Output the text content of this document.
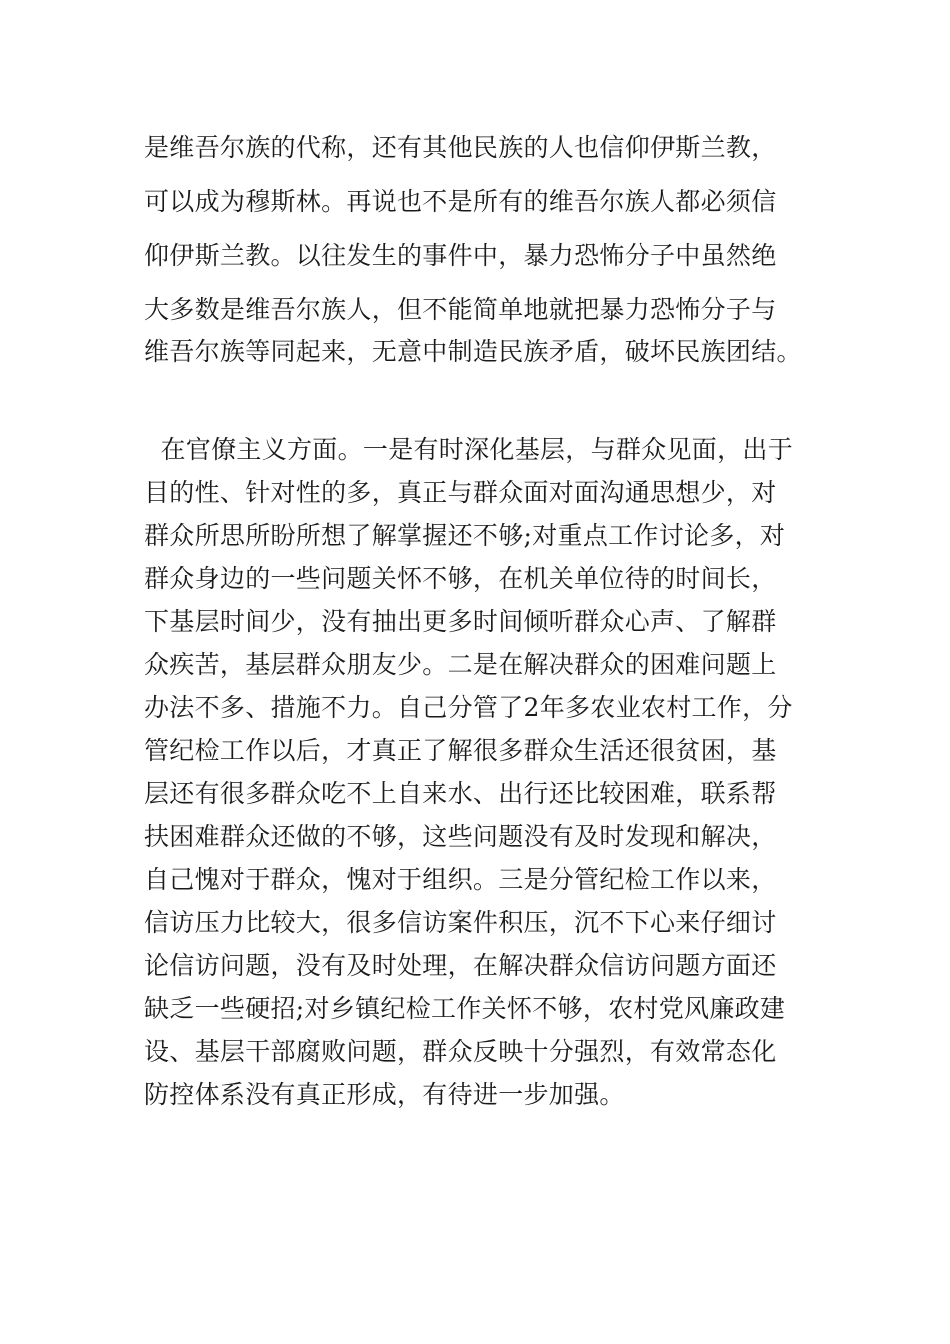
是维吾尔族的代称，还有其他民族的人也信仰伊斯兰教，
可以成为穆斯林。再说也不是所有的维吾尔族人都必须信
仰伊斯兰教。以往发生的事件中，暴力恐怖分子中虽然绝
大多数是维吾尔族人，但不能简单地就把暴力恐怖分子与
维吾尔族等同起来，无意中制造民族矛盾，破坏民族团结。
在官僚主义方面。一是有时深化基层，与群众见面，出于
目的性、针对性的多，真正与群众面对面沟通思想少，对
群众所思所盼所想了解掌握还不够;对重点工作讨论多，对
群众身边的一些问题关怀不够，在机关单位待的时间长，
下基层时间少，没有抽出更多时间倾听群众心声、了解群
众疾苦，基层群众朋友少。二是在解决群众的困难问题上
办法不多、措施不力。自己分管了2年多农业农村工作，分
管纪检工作以后，才真正了解很多群众生活还很贫困，基
层还有很多群众吃不上自来水、出行还比较困难，联系帮
扶困难群众还做的不够，这些问题没有及时发现和解决，
自己愧对于群众，愧对于组织。三是分管纪检工作以来，
信访压力比较大，很多信访案件积压，沉不下心来仔细讨
论信访问题，没有及时处理，在解决群众信访问题方面还
缺乏一些硬招;对乡镇纪检工作关怀不够，农村党风廉政建
设、基层干部腐败问题，群众反映十分强烈，有效常态化
防控体系没有真正形成，有待进一步加强。
